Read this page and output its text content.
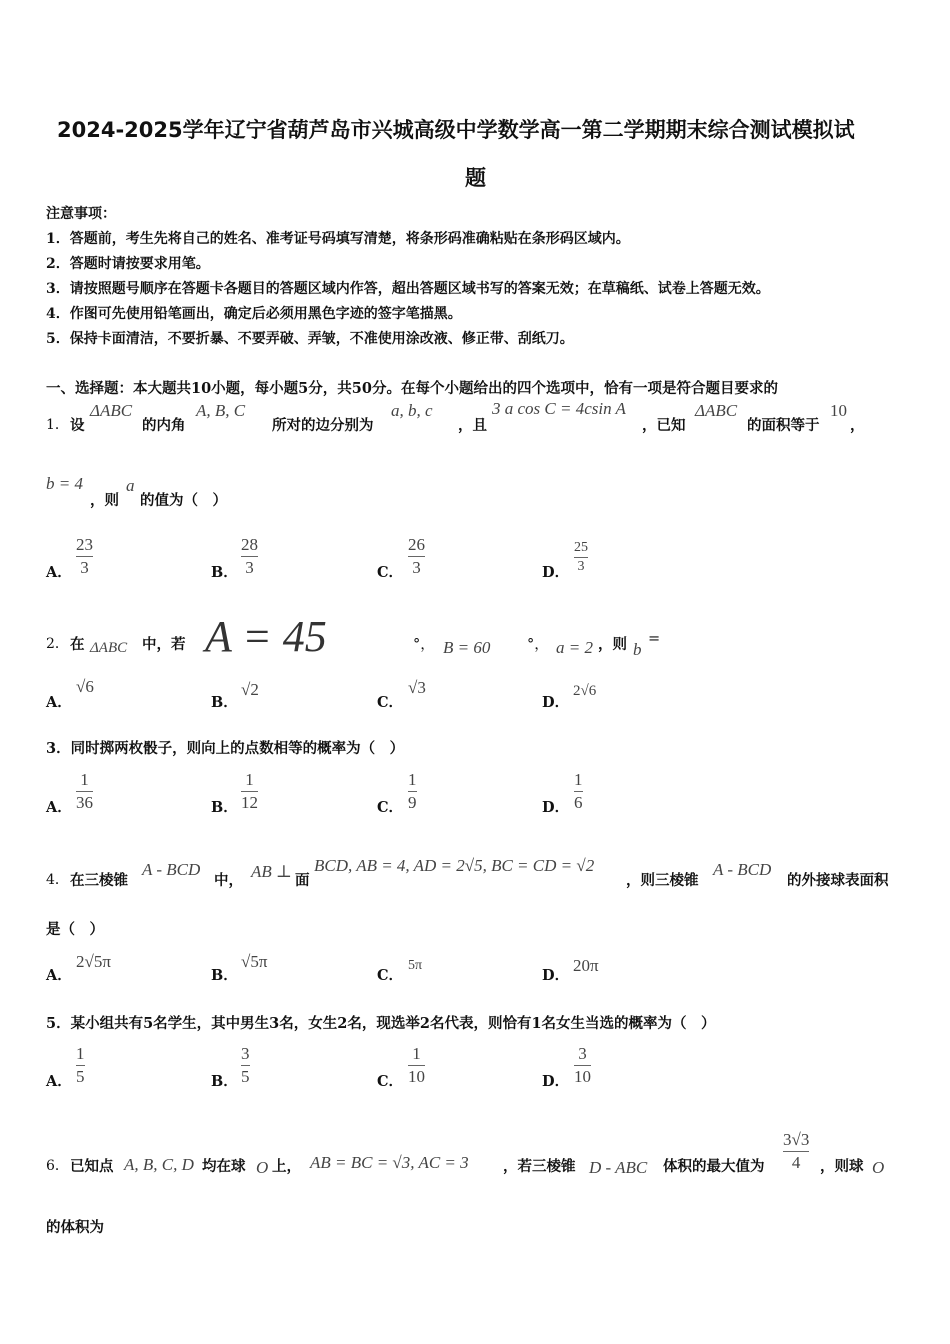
2024-2025学年辽宁省葫芦岛市兴城高级中学数学高一第二学期期末综合测试模拟试
题
注意事项：
1．答题前，考生先将自己的姓名、准考证号码填写清楚，将条形码准确粘贴在条形码区域内。
2．答题时请按要求用笔。
3．请按照题号顺序在答题卡各题目的答题区域内作答，超出答题区域书写的答案无效；在草稿纸、试卷上答题无效。
4．作图可先使用铅笔画出，确定后必须用黑色字迹的签字笔描黑。
5．保持卡面清洁，不要折暴、不要弄破、弄皱，不准使用涂改液、修正带、刮纸刀。
一、选择题：本大题共10小题，每小题5分，共50分。在每个小题给出的四个选项中，恰有一项是符合题目要求的
1． 设
ΔABC
的内角
A, B, C
所对的边分别为
a, b, c
，且
3 a cos C = 4csin A
，已知
ΔABC
的面积等于
10
，
b = 4
，则
a
的值为（　）
A．
23
3	B．
28
3	C．
26
3	D．
25
3
2． 在 ΔABC 中，若 A = 45	°， B = 60	°， a = 2 ，则 b
=
A．
√6
B．
√2
C．
√3
D．
2√6
3．同时掷两枚骰子，则向上的点数相等的概率为（　）
A．
1
36	B．
1
12	C．
1
9	D．
1
6
4． 在三棱锥
A - BCD
中， AB ⊥ 面
BCD, AB = 4, AD = 2√5, BC = CD = √2
，则三棱锥
A - BCD
的外接球表面积
是（　）
A．
2√5π
B．
√5π
C．
5π
D．
20π
5．某小组共有5名学生，其中男生3名，女生2名，现选举2名代表，则恰有1名女生当选的概率为（　）
A．
1
5	B．
3
5	C．
1
10	D．
3
10
6． 已知点 A, B, C, D 均在球 O 上， AB = BC = √3, AC = 3 ，若三棱锥 D - ABC 体积的最大值为
3√3
4 ，则球 O
的体积为
